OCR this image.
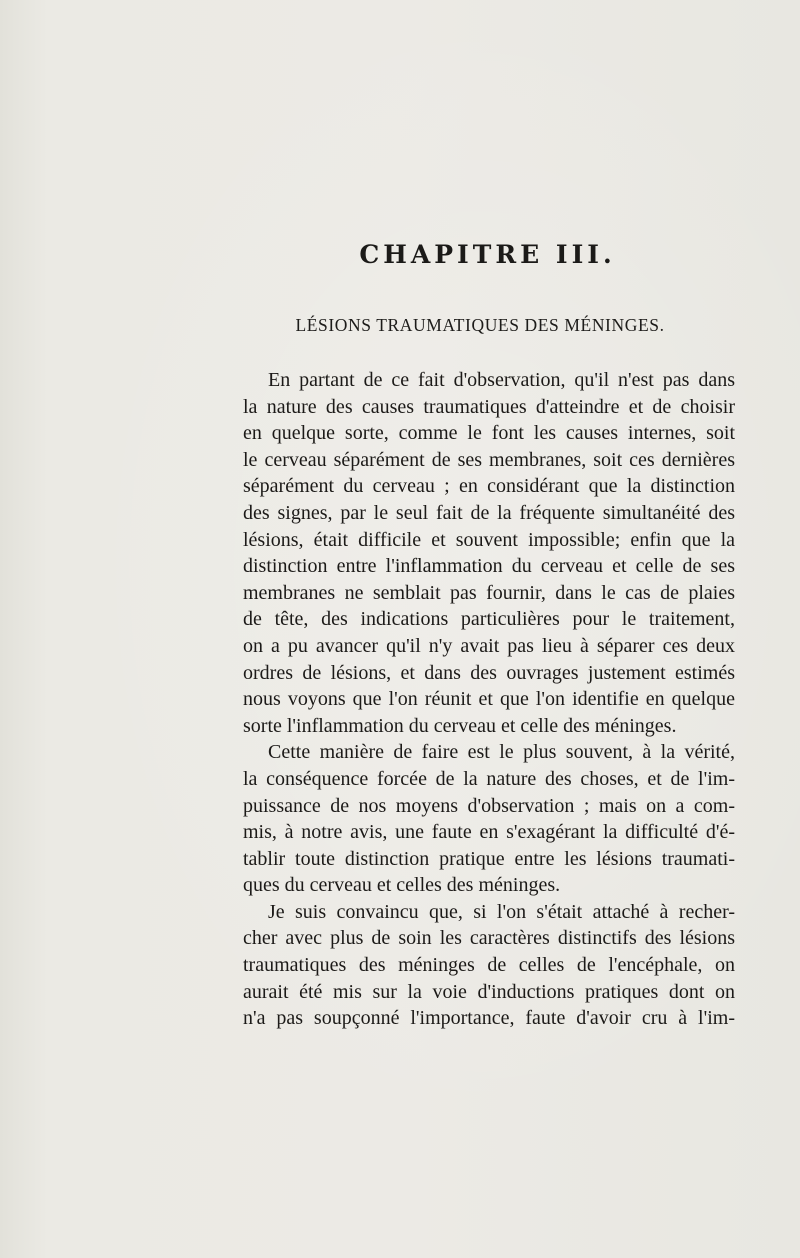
CHAPITRE III.
LÉSIONS TRAUMATIQUES DES MÉNINGES.
En partant de ce fait d'observation, qu'il n'est pas dans
la nature des causes traumatiques d'atteindre et de choisir
en quelque sorte, comme le font les causes internes, soit
le cerveau séparément de ses membranes, soit ces dernières
séparément du cerveau ; en considérant que la distinction
des signes, par le seul fait de la fréquente simultanéité des
lésions, était difficile et souvent impossible; enfin que la
distinction entre l'inflammation du cerveau et celle de ses
membranes ne semblait pas fournir, dans le cas de plaies
de tête, des indications particulières pour le traitement,
on a pu avancer qu'il n'y avait pas lieu à séparer ces deux
ordres de lésions, et dans des ouvrages justement estimés
nous voyons que l'on réunit et que l'on identifie en quelque
sorte l'inflammation du cerveau et celle des méninges.
Cette manière de faire est le plus souvent, à la vérité,
la conséquence forcée de la nature des choses, et de l'im-
puissance de nos moyens d'observation ; mais on a com-
mis, à notre avis, une faute en s'exagérant la difficulté d'é-
tablir toute distinction pratique entre les lésions traumati-
ques du cerveau et celles des méninges.
Je suis convaincu que, si l'on s'était attaché à recher-
cher avec plus de soin les caractères distinctifs des lésions
traumatiques des méninges de celles de l'encéphale, on
aurait été mis sur la voie d'inductions pratiques dont on
n'a pas soupçonné l'importance, faute d'avoir cru à l'im-
